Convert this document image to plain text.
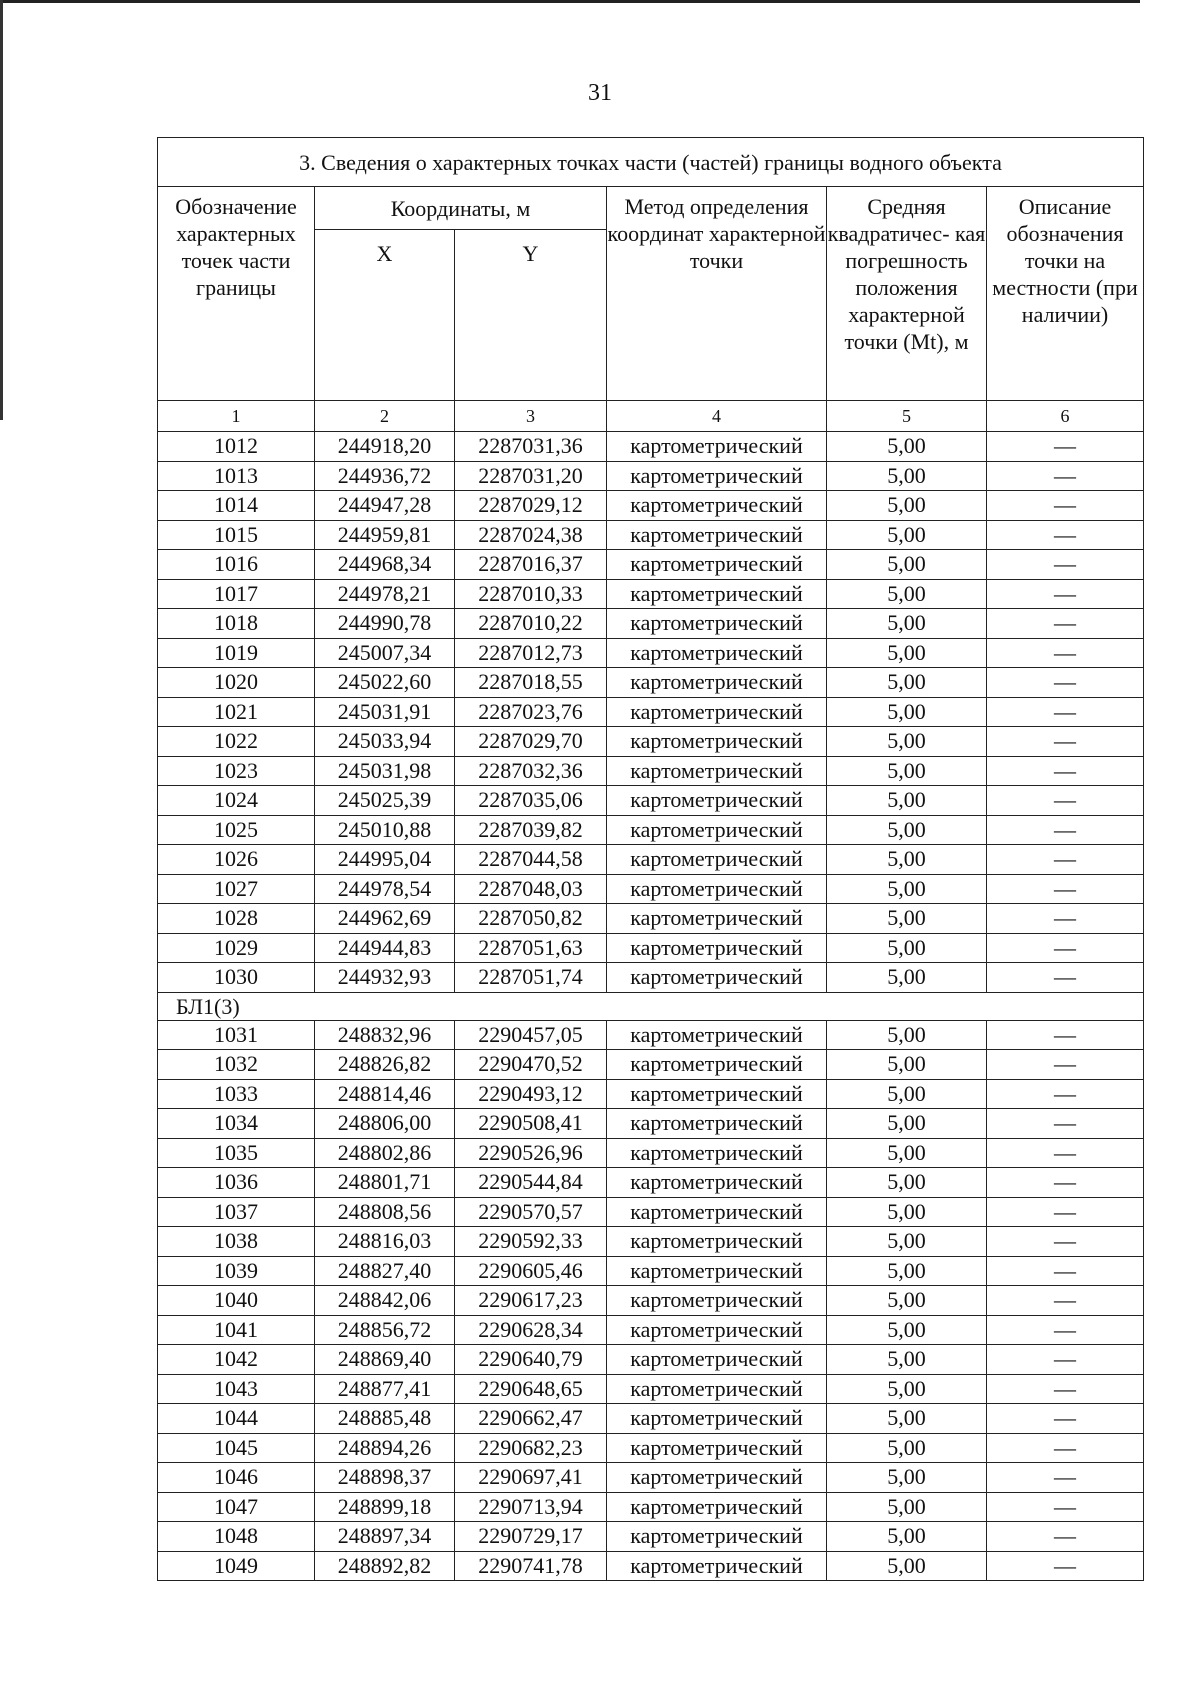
31
3. Сведения о характерных точках части (частей) границы водного объекта					
Обозначение характерных точек части границы	Координаты, м		Метод определения координат характерной точки	Средняя квадратичес- кая погрешность положения характерной точки (Mt), м	Описание обозначения точки на местности (при наличии)
	X	Y			
1	2	3	4	5	6
1012	244918,20	2287031,36	картометрический	5,00	—
1013	244936,72	2287031,20	картометрический	5,00	—
1014	244947,28	2287029,12	картометрический	5,00	—
1015	244959,81	2287024,38	картометрический	5,00	—
1016	244968,34	2287016,37	картометрический	5,00	—
1017	244978,21	2287010,33	картометрический	5,00	—
1018	244990,78	2287010,22	картометрический	5,00	—
1019	245007,34	2287012,73	картометрический	5,00	—
1020	245022,60	2287018,55	картометрический	5,00	—
1021	245031,91	2287023,76	картометрический	5,00	—
1022	245033,94	2287029,70	картометрический	5,00	—
1023	245031,98	2287032,36	картометрический	5,00	—
1024	245025,39	2287035,06	картометрический	5,00	—
1025	245010,88	2287039,82	картометрический	5,00	—
1026	244995,04	2287044,58	картометрический	5,00	—
1027	244978,54	2287048,03	картометрический	5,00	—
1028	244962,69	2287050,82	картометрический	5,00	—
1029	244944,83	2287051,63	картометрический	5,00	—
1030	244932,93	2287051,74	картометрический	5,00	—
БЛ1(3)					
1031	248832,96	2290457,05	картометрический	5,00	—
1032	248826,82	2290470,52	картометрический	5,00	—
1033	248814,46	2290493,12	картометрический	5,00	—
1034	248806,00	2290508,41	картометрический	5,00	—
1035	248802,86	2290526,96	картометрический	5,00	—
1036	248801,71	2290544,84	картометрический	5,00	—
1037	248808,56	2290570,57	картометрический	5,00	—
1038	248816,03	2290592,33	картометрический	5,00	—
1039	248827,40	2290605,46	картометрический	5,00	—
1040	248842,06	2290617,23	картометрический	5,00	—
1041	248856,72	2290628,34	картометрический	5,00	—
1042	248869,40	2290640,79	картометрический	5,00	—
1043	248877,41	2290648,65	картометрический	5,00	—
1044	248885,48	2290662,47	картометрический	5,00	—
1045	248894,26	2290682,23	картометрический	5,00	—
1046	248898,37	2290697,41	картометрический	5,00	—
1047	248899,18	2290713,94	картометрический	5,00	—
1048	248897,34	2290729,17	картометрический	5,00	—
1049	248892,82	2290741,78	картометрический	5,00	—
